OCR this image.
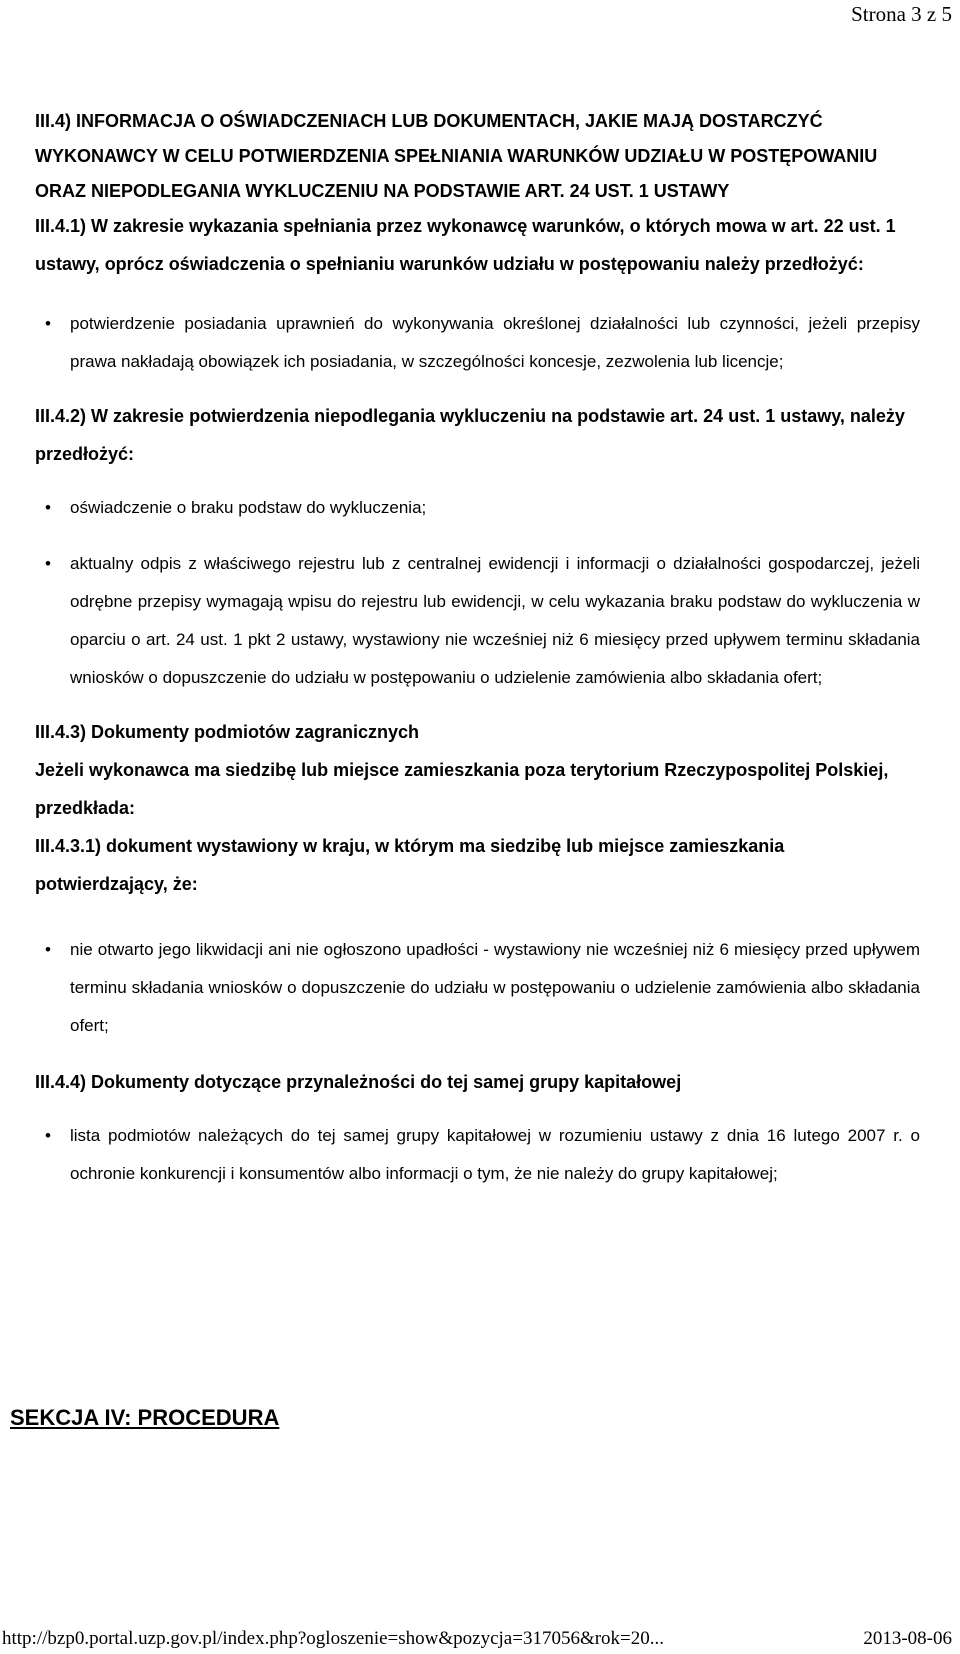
Strona 3 z 5

III.4) INFORMACJA O OŚWIADCZENIACH LUB DOKUMENTACH, JAKIE MAJĄ DOSTARCZYĆ WYKONAWCY W CELU POTWIERDZENIA SPEŁNIANIA WARUNKÓW UDZIAŁU W POSTĘPOWANIU ORAZ NIEPODLEGANIA WYKLUCZENIU NA PODSTAWIE ART. 24 UST. 1 USTAWY

III.4.1) W zakresie wykazania spełniania przez wykonawcę warunków, o których mowa w art. 22 ust. 1 ustawy, oprócz oświadczenia o spełnianiu warunków udziału w postępowaniu należy przedłożyć:

• potwierdzenie posiadania uprawnień do wykonywania określonej działalności lub czynności, jeżeli przepisy prawa nakładają obowiązek ich posiadania, w szczególności koncesje, zezwolenia lub licencje;

III.4.2) W zakresie potwierdzenia niepodlegania wykluczeniu na podstawie art. 24 ust. 1 ustawy, należy przedłożyć:

• oświadczenie o braku podstaw do wykluczenia;
• aktualny odpis z właściwego rejestru lub z centralnej ewidencji i informacji o działalności gospodarczej, jeżeli odrębne przepisy wymagają wpisu do rejestru lub ewidencji, w celu wykazania braku podstaw do wykluczenia w oparciu o art. 24 ust. 1 pkt 2 ustawy, wystawiony nie wcześniej niż 6 miesięcy przed upływem terminu składania wniosków o dopuszczenie do udziału w postępowaniu o udzielenie zamówienia albo składania ofert;

III.4.3) Dokumenty podmiotów zagranicznych

Jeżeli wykonawca ma siedzibę lub miejsce zamieszkania poza terytorium Rzeczypospolitej Polskiej, przedkłada:

III.4.3.1) dokument wystawiony w kraju, w którym ma siedzibę lub miejsce zamieszkania potwierdzający, że:

• nie otwarto jego likwidacji ani nie ogłoszono upadłości - wystawiony nie wcześniej niż 6 miesięcy przed upływem terminu składania wniosków o dopuszczenie do udziału w postępowaniu o udzielenie zamówienia albo składania ofert;

III.4.4) Dokumenty dotyczące przynależności do tej samej grupy kapitałowej

• lista podmiotów należących do tej samej grupy kapitałowej w rozumieniu ustawy z dnia 16 lutego 2007 r. o ochronie konkurencji i konsumentów albo informacji o tym, że nie należy do grupy kapitałowej;

SEKCJA IV: PROCEDURA

http://bzp0.portal.uzp.gov.pl/index.php?ogloszenie=show&pozycja=317056&rok=20...	2013-08-06
